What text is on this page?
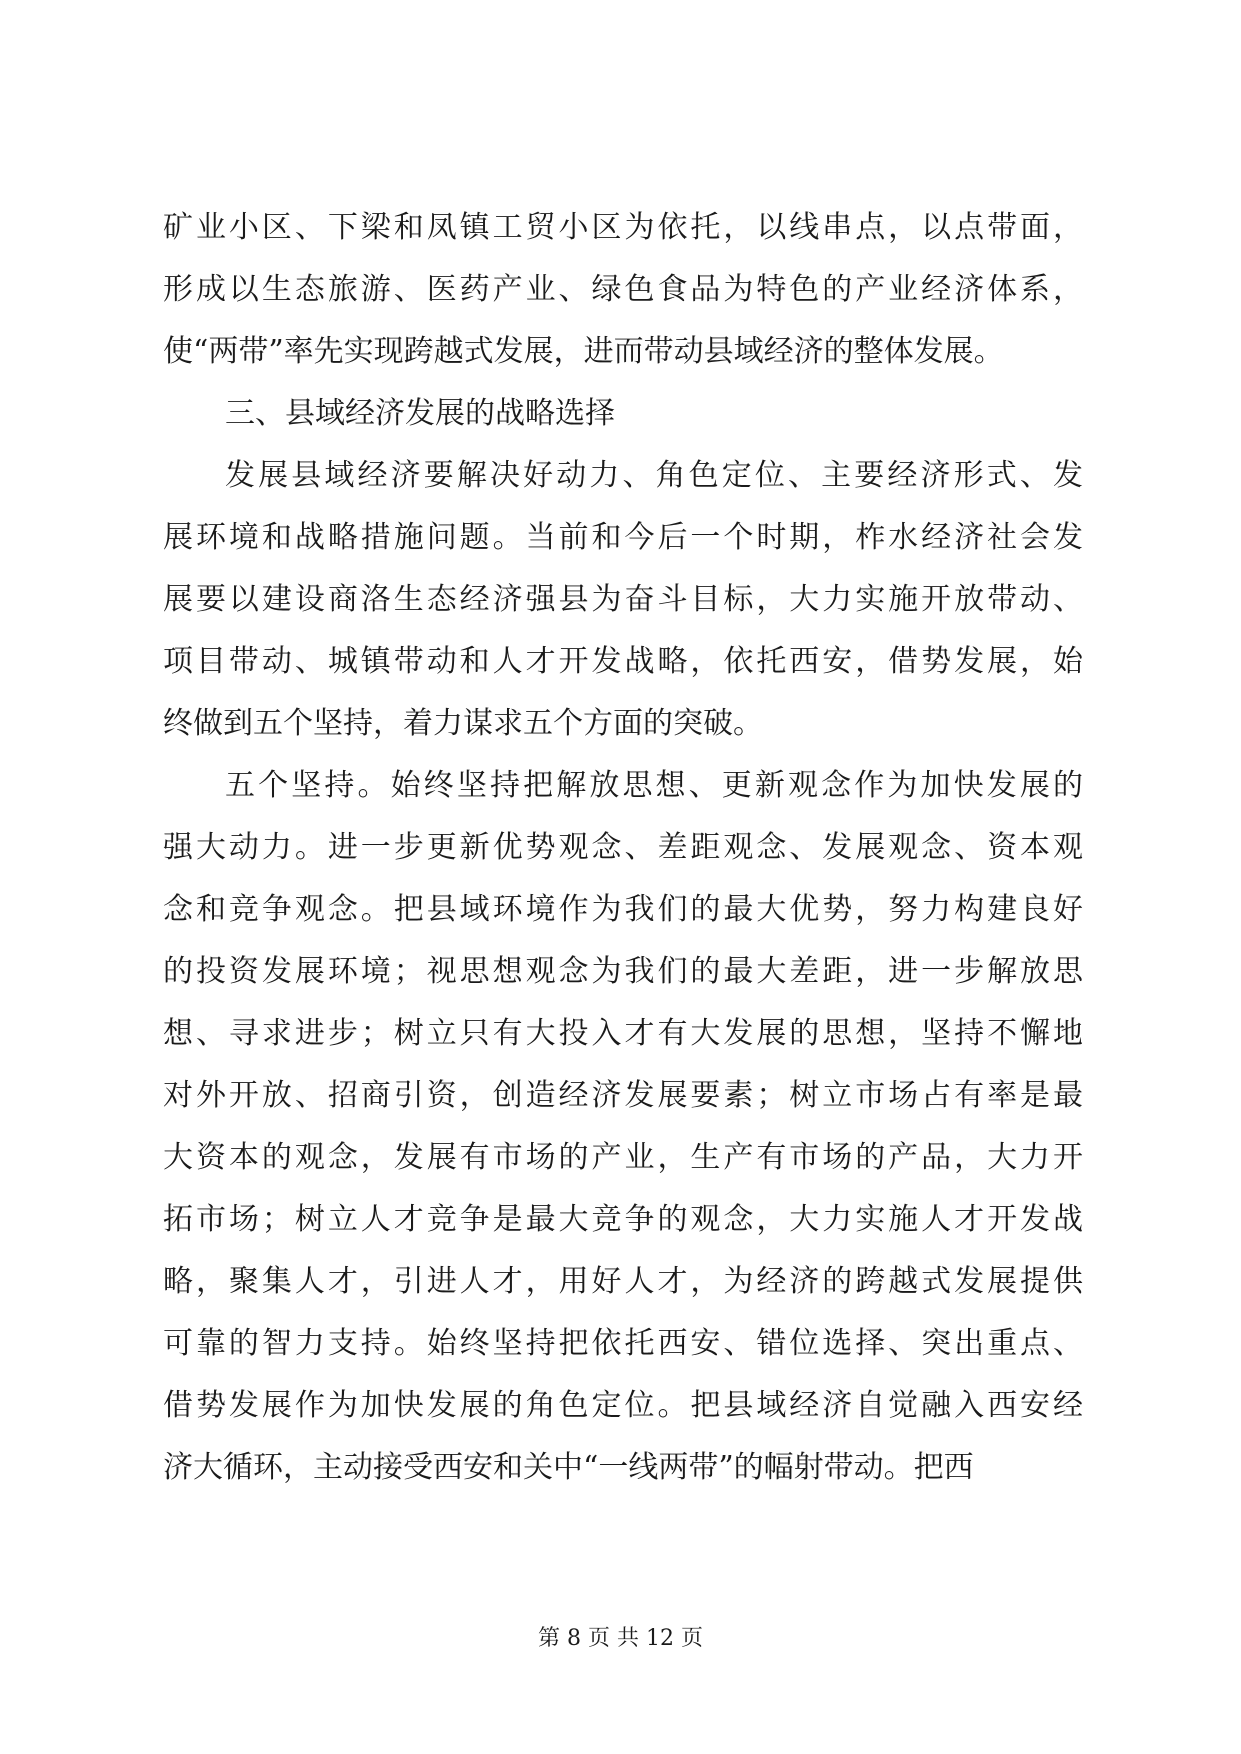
矿业小区、下梁和凤镇工贸小区为依托，以线串点，以点带面，
形成以生态旅游、医药产业、绿色食品为特色的产业经济体系，
使“两带”率先实现跨越式发展，进而带动县域经济的整体发展。
三、县域经济发展的战略选择
发展县域经济要解决好动力、角色定位、主要经济形式、发
展环境和战略措施问题。当前和今后一个时期，柞水经济社会发
展要以建设商洛生态经济强县为奋斗目标，大力实施开放带动、
项目带动、城镇带动和人才开发战略，依托西安，借势发展，始
终做到五个坚持，着力谋求五个方面的突破。
五个坚持。始终坚持把解放思想、更新观念作为加快发展的
强大动力。进一步更新优势观念、差距观念、发展观念、资本观
念和竞争观念。把县域环境作为我们的最大优势，努力构建良好
的投资发展环境；视思想观念为我们的最大差距，进一步解放思
想、寻求进步；树立只有大投入才有大发展的思想，坚持不懈地
对外开放、招商引资，创造经济发展要素；树立市场占有率是最
大资本的观念，发展有市场的产业，生产有市场的产品，大力开
拓市场；树立人才竞争是最大竞争的观念，大力实施人才开发战
略，聚集人才，引进人才，用好人才，为经济的跨越式发展提供
可靠的智力支持。始终坚持把依托西安、错位选择、突出重点、
借势发展作为加快发展的角色定位。把县域经济自觉融入西安经
济大循环，主动接受西安和关中“一线两带”的幅射带动。把西
第 8 页 共 12 页
